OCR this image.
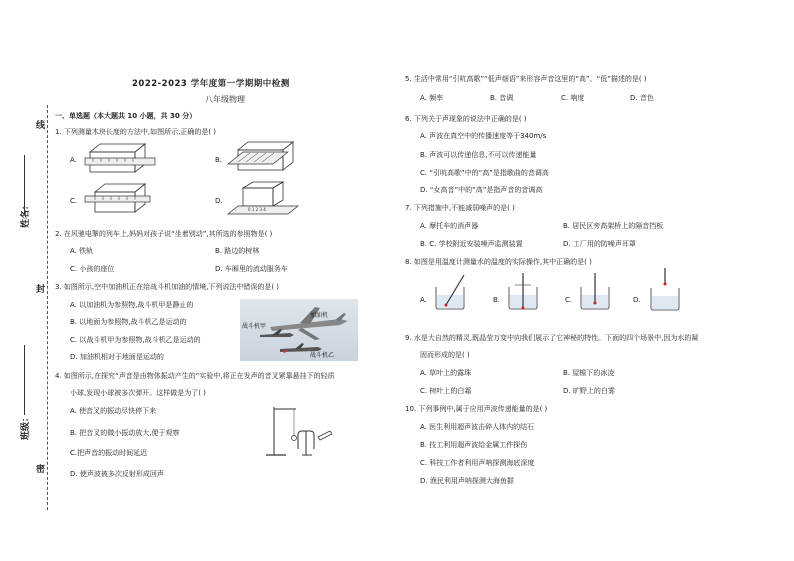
线
姓名：
封
班级：
密
2022-2023 学年度第一学期期中检测
八年级物理
一、单选题（本大题共 10 小题，共 30 分）
1. 下列测量木块长度的方法中,如图所示,正确的是( )
A.	B.
C.	D.
0 1 2 3 4
2. 在风驰电掣的列车上,妈妈对孩子说“坐着别动”,其所选的参照物是( )
A. 铁轨	B. 路边的树林
C. 小孩的座位	D. 车厢里的流动服务车
3. 如图所示,空中加油机正在给战斗机加油的情境,下列说法中错误的是( )
A. 以加油机为参照物,战斗机甲是静止的
B. 以地面为参照物,战斗机乙是运动的
C. 以战斗机甲为参照物,战斗机乙是运动的
D. 加油机相对于地面是运动的
加油机
战斗机甲
战斗机乙
4. 如图所示,在探究“声音是由物体振动产生的”实验中,将正在发声的音叉紧靠悬挂下的轻质
小球,发现小球被多次弹开。这样做是为了( )
A. 使音叉的振动尽快停下来
B. 把音叉的微小振动放大,便于观察
C.把声音的振动时间延迟
D. 使声波被多次反射形成回声
5. 生活中常用“引吭高歌”“低声细语”来形容声音这里的“高”、“低”描述的是( )
A. 频率	B. 音调	C. 响度	D. 音色
6. 下列关于声现象的说法中正确的是( )
A. 声波在真空中的传播速度等于340m/s
B. 声波可以传递信息,不可以传递能量
C. “引吭高歌”中的“高”是指歌曲的音调高
D. “女高音”中的“高”是指声音的音调高
7. 下列措施中,不能减弱噪声的是( )
A. 摩托车的消声器	B. 居民区旁高架桥上的隔音挡板
B. C. 学校附近安装噪声监测装置	D. 工厂用的防噪声耳罩
8. 如图是用温度计测量水的温度的实际操作,其中正确的是( )
A.	B.	C.	D.
9. 水是大自然的精灵,既晶莹万变中向我们展示了它神秘的特性。下面的四个场景中,因为水的凝
固而形成的是( )
A. 草叶上的露珠	B. 屋檐下的冰凌
C. 树叶上的白霜	D. 旷野上的白雾
10. 下列事例中,属于应用声波传递能量的是( )
A. 医生利用超声波击碎人体内的结石
B. 技工利用超声波给金属工件探伤
C. 科技工作者利用声呐探测海底深度
D. 渔民利用声呐探测大海鱼群
